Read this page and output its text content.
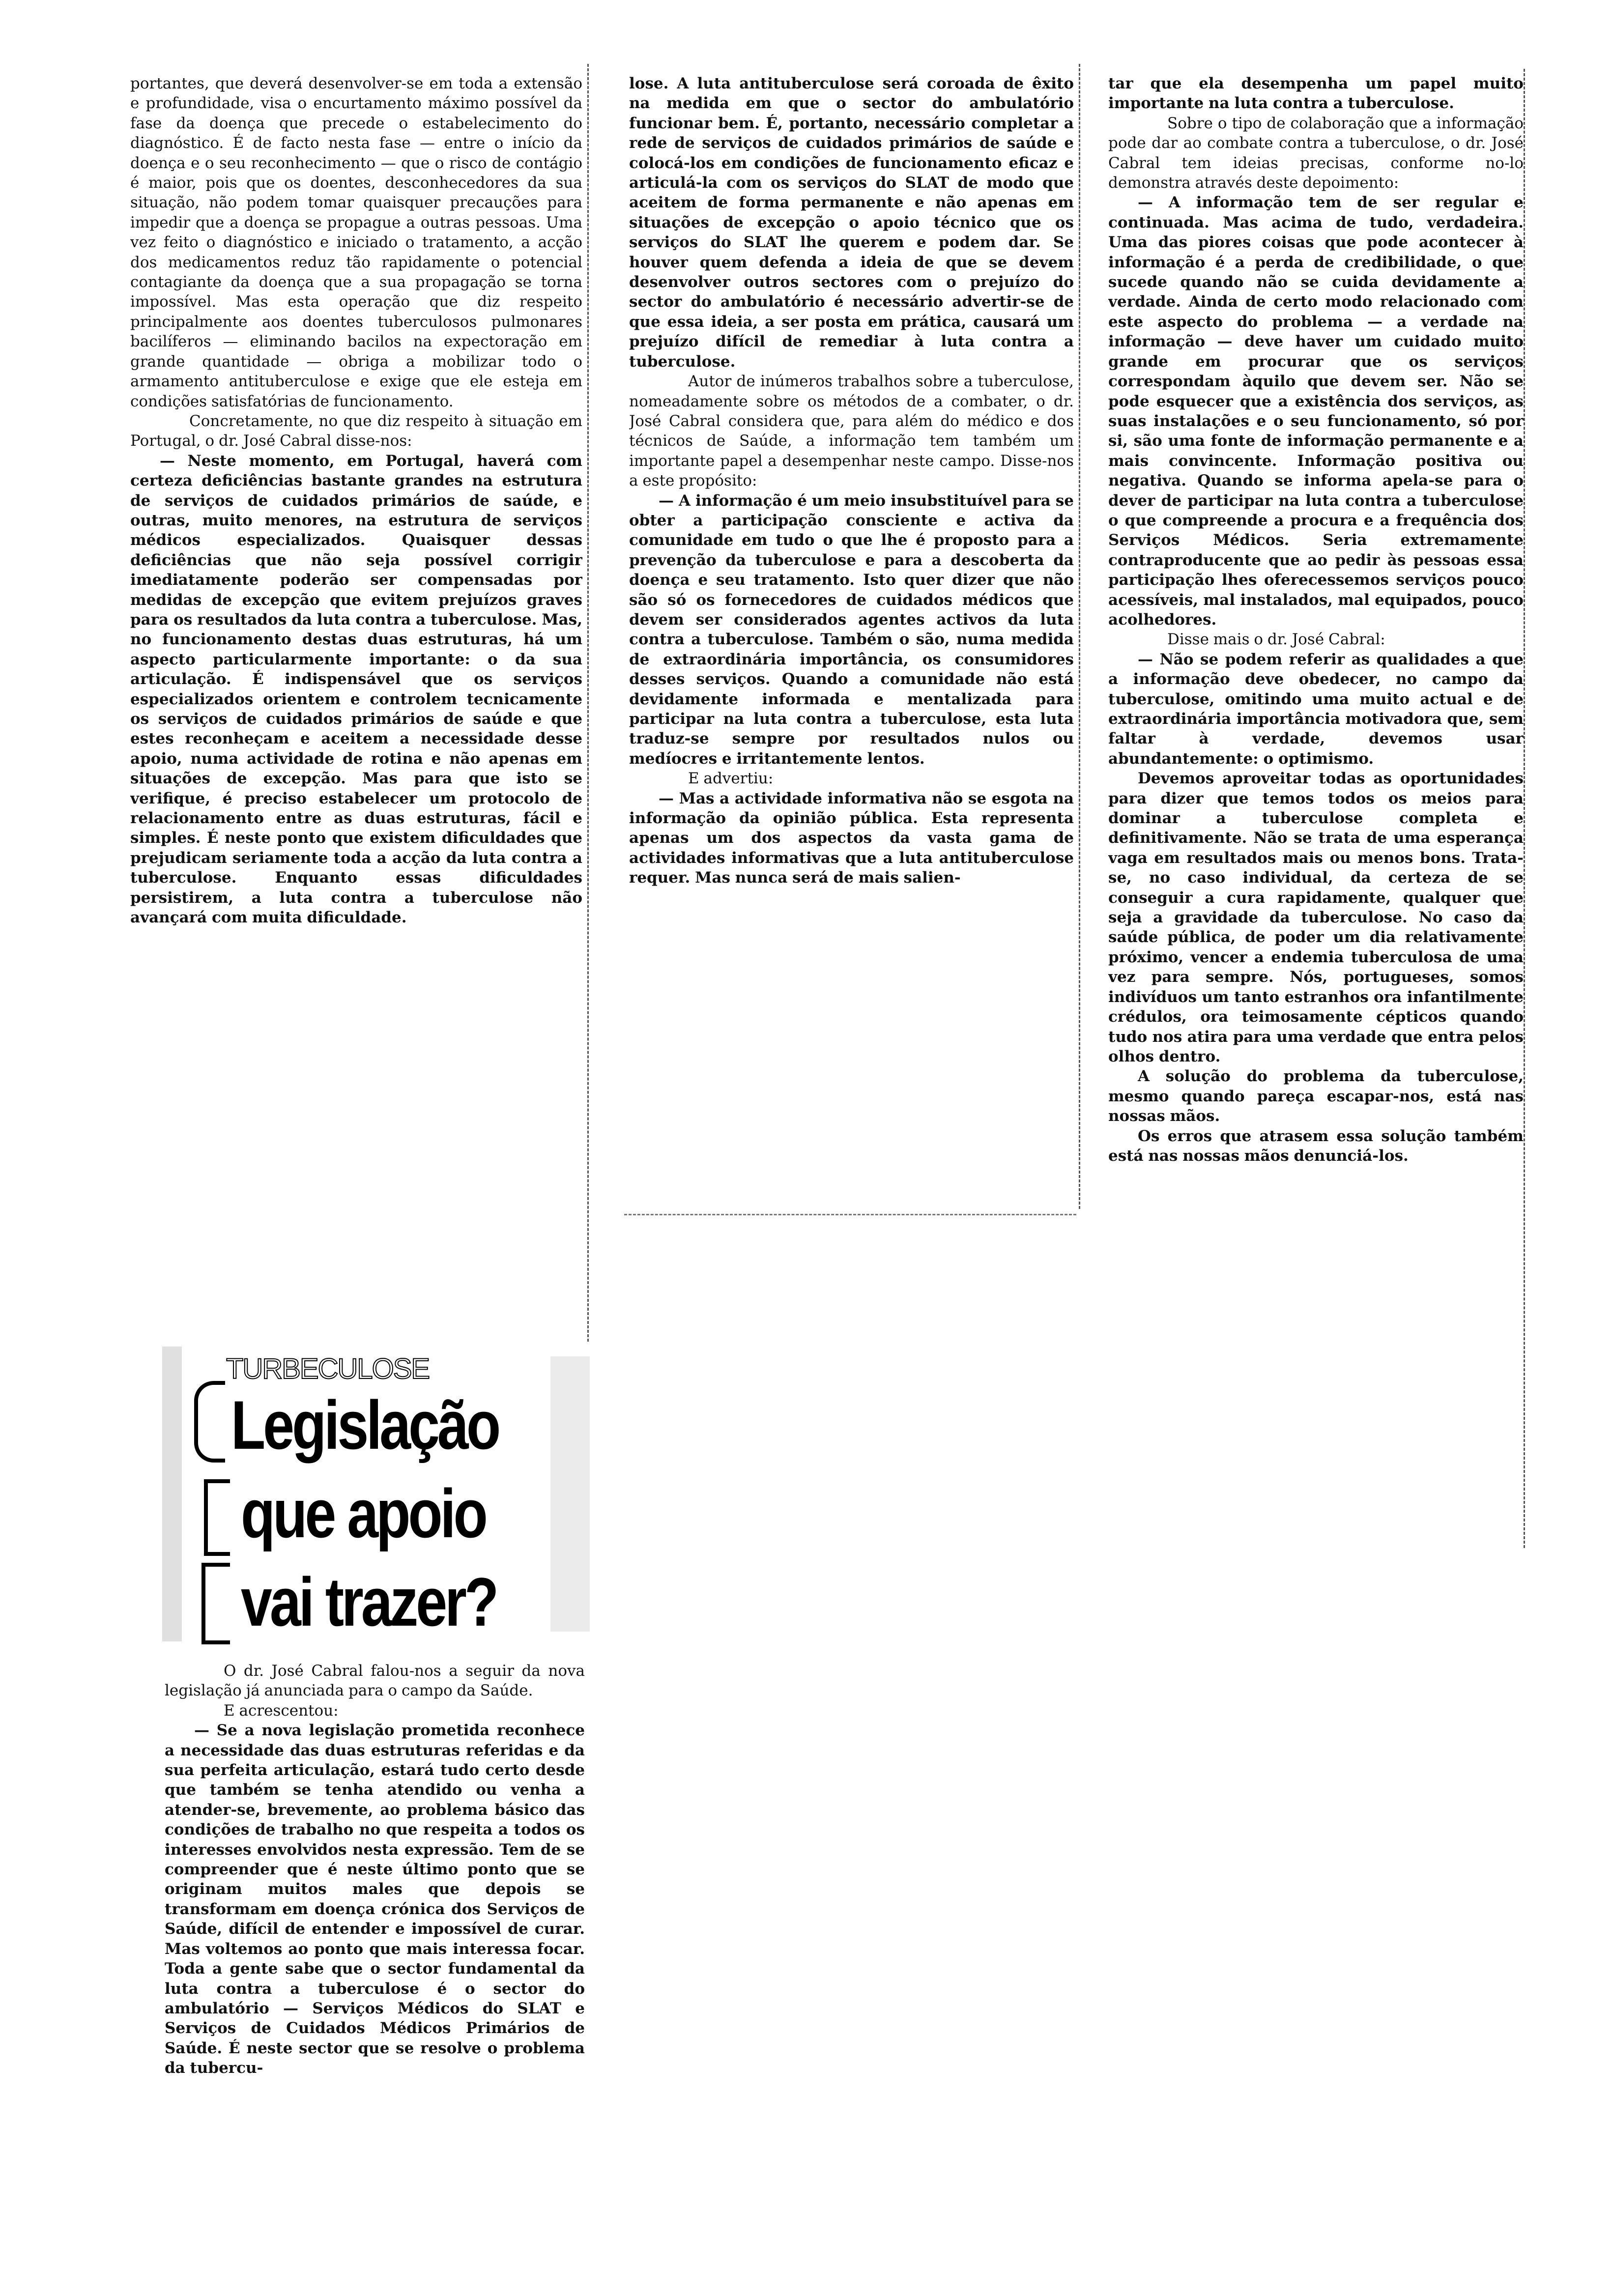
portantes, que deverá desenvolver-se em toda a extensão e profundidade, visa o encurtamento máximo possível da fase da doença que precede o estabelecimento do diagnóstico. É de facto nesta fase — entre o início da doença e o seu reconhecimento — que o risco de contágio é maior, pois que os doentes, desconhecedores da sua situação, não podem tomar quaisquer precauções para impedir que a doença se propague a outras pessoas. Uma vez feito o diagnóstico e iniciado o tratamento, a acção dos medicamentos reduz tão rapidamente o potencial contagiante da doença que a sua propagação se torna impossível. Mas esta operação que diz respeito principalmente aos doentes tuberculosos pulmonares bacilíferos — eliminando bacilos na expectoração em grande quantidade — obriga a mobilizar todo o armamento antituberculose e exige que ele esteja em condições satisfatórias de funcionamento.

Concretamente, no que diz respeito à situação em Portugal, o dr. José Cabral disse-nos:

— Neste momento, em Portugal, haverá com certeza deficiências bastante grandes na estrutura de serviços de cuidados primários de saúde, e outras, muito menores, na estrutura de serviços médicos especializados. Quaisquer dessas deficiências que não seja possível corrigir imediatamente poderão ser compensadas por medidas de excepção que evitem prejuízos graves para os resultados da luta contra a tuberculose. Mas, no funcionamento destas duas estruturas, há um aspecto particularmente importante: o da sua articulação. É indispensável que os serviços especializados orientem e controlem tecnicamente os serviços de cuidados primários de saúde e que estes reconheçam e aceitem a necessidade desse apoio, numa actividade de rotina e não apenas em situações de excepção. Mas para que isto se verifique, é preciso estabelecer um protocolo de relacionamento entre as duas estruturas, fácil e simples. É neste ponto que existem dificuldades que prejudicam seriamente toda a acção da luta contra a tuberculose. Enquanto essas dificuldades persistirem, a luta contra a tuberculose não avançará com muita dificuldade.

TURBECULOSE
Legislação
que apoio
vai trazer?

O dr. José Cabral falou-nos a seguir da nova legislação já anunciada para o campo da Saúde.

E acrescentou:

— Se a nova legislação prometida reconhece a necessidade das duas estruturas referidas e da sua perfeita articulação, estará tudo certo desde que também se tenha atendido ou venha a atender-se, brevemente, ao problema básico das condições de trabalho no que respeita a todos os interesses envolvidos nesta expressão. Tem de se compreender que é neste último ponto que se originam muitos males que depois se transformam em doença crónica dos Serviços de Saúde, difícil de entender e impossível de curar. Mas voltemos ao ponto que mais interessa focar. Toda a gente sabe que o sector fundamental da luta contra a tuberculose é o sector do ambulatório — Serviços Médicos do SLAT e Serviços de Cuidados Médicos Primários de Saúde. É neste sector que se resolve o problema da tubercu-

lose. A luta antituberculose será coroada de êxito na medida em que o sector do ambulatório funcionar bem. É, portanto, necessário completar a rede de serviços de cuidados primários de saúde e colocá-los em condições de funcionamento eficaz e articulá-la com os serviços do SLAT de modo que aceitem de forma permanente e não apenas em situações de excepção o apoio técnico que os serviços do SLAT lhe querem e podem dar. Se houver quem defenda a ideia de que se devem desenvolver outros sectores com o prejuízo do sector do ambulatório é necessário advertir-se de que essa ideia, a ser posta em prática, causará um prejuízo difícil de remediar à luta contra a tuberculose.

Autor de inúmeros trabalhos sobre a tuberculose, nomeadamente sobre os métodos de a combater, o dr. José Cabral considera que, para além do médico e dos técnicos de Saúde, a informação tem também um importante papel a desempenhar neste campo. Disse-nos a este propósito:

— A informação é um meio insubstituível para se obter a participação consciente e activa da comunidade em tudo o que lhe é proposto para a prevenção da tuberculose e para a descoberta da doença e seu tratamento. Isto quer dizer que não são só os fornecedores de cuidados médicos que devem ser considerados agentes activos da luta contra a tuberculose. Também o são, numa medida de extraordinária importância, os consumidores desses serviços. Quando a comunidade não está devidamente informada e mentalizada para participar na luta contra a tuberculose, esta luta traduz-se sempre por resultados nulos ou medíocres e irritantemente lentos.

E advertiu:

— Mas a actividade informativa não se esgota na informação da opinião pública. Esta representa apenas um dos aspectos da vasta gama de actividades informativas que a luta antituberculose requer. Mas nunca será de mais salien-

tar que ela desempenha um papel muito importante na luta contra a tuberculose.

Sobre o tipo de colaboração que a informação pode dar ao combate contra a tuberculose, o dr. José Cabral tem ideias precisas, conforme no-lo demonstra através deste depoimento:

— A informação tem de ser regular e continuada. Mas acima de tudo, verdadeira. Uma das piores coisas que pode acontecer à informação é a perda de credibilidade, o que sucede quando não se cuida devidamente a verdade. Ainda de certo modo relacionado com este aspecto do problema — a verdade na informação — deve haver um cuidado muito grande em procurar que os serviços correspondam àquilo que devem ser. Não se pode esquecer que a existência dos serviços, as suas instalações e o seu funcionamento, só por si, são uma fonte de informação permanente e a mais convincente. Informação positiva ou negativa. Quando se informa apela-se para o dever de participar na luta contra a tuberculose o que compreende a procura e a frequência dos Serviços Médicos. Seria extremamente contraproducente que ao pedir às pessoas essa participação lhes oferecessemos serviços pouco acessíveis, mal instalados, mal equipados, pouco acolhedores.

Disse mais o dr. José Cabral:

— Não se podem referir as qualidades a que a informação deve obedecer, no campo da tuberculose, omitindo uma muito actual e de extraordinária importância motivadora que, sem faltar à verdade, devemos usar abundantemente: o optimismo.

Devemos aproveitar todas as oportunidades para dizer que temos todos os meios para dominar a tuberculose completa e definitivamente. Não se trata de uma esperança vaga em resultados mais ou menos bons. Trata-se, no caso individual, da certeza de se conseguir a cura rapidamente, qualquer que seja a gravidade da tuberculose. No caso da saúde pública, de poder um dia relativamente próximo, vencer a endemia tuberculosa de uma vez para sempre. Nós, portugueses, somos indivíduos um tanto estranhos ora infantilmente crédulos, ora teimosamente cépticos quando tudo nos atira para uma verdade que entra pelos olhos dentro.

A solução do problema da tuberculose, mesmo quando pareça escapar-nos, está nas nossas mãos.

Os erros que atrasem essa solução também está nas nossas mãos denunciá-los.
